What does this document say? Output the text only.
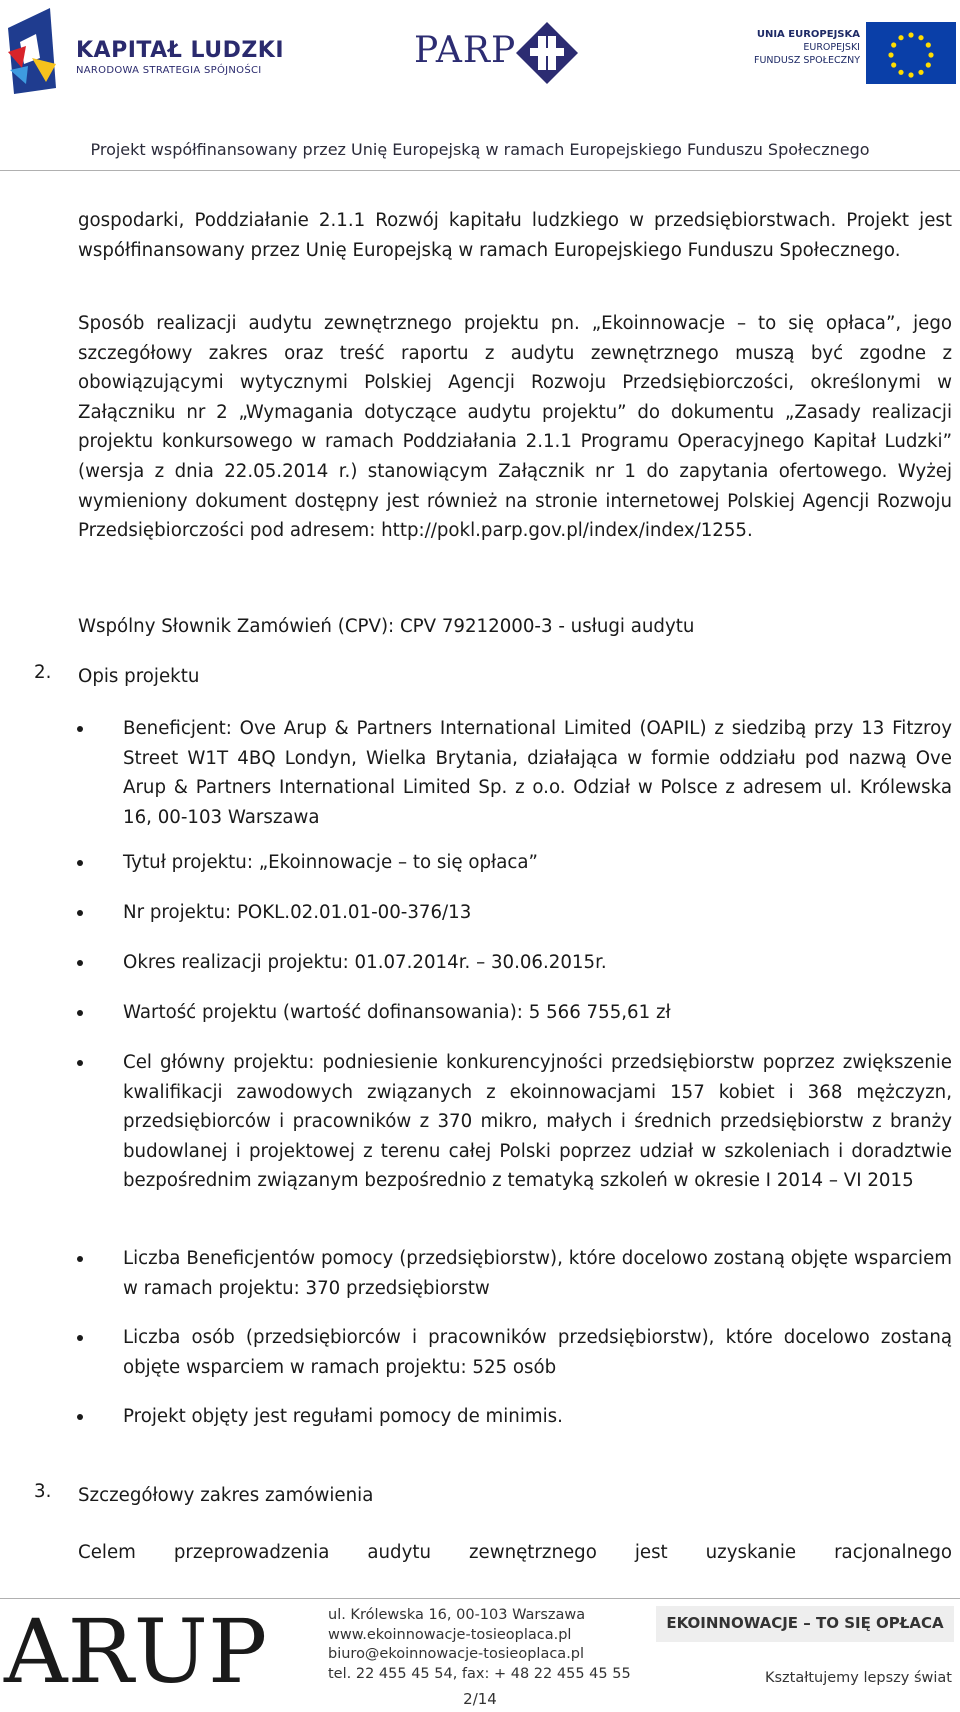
KAPITAŁ LUDZKI
NARODOWA STRATEGIA SPÓJNOŚCI	PARP	UNIA EUROPEJSKA
EUROPEJSKI
FUNDUSZ SPOŁECZNY
Projekt współfinansowany przez Unię Europejską w ramach Europejskiego Funduszu Społecznego

gospodarki, Poddziałanie 2.1.1 Rozwój kapitału ludzkiego w przedsiębiorstwach. Projekt jest współfinansowany przez Unię Europejską w ramach Europejskiego Funduszu Społecznego.

Sposób realizacji audytu zewnętrznego projektu pn. „Ekoinnowacje – to się opłaca”, jego szczegółowy zakres oraz treść raportu z audytu zewnętrznego muszą być zgodne z obowiązującymi wytycznymi Polskiej Agencji Rozwoju Przedsiębiorczości, określonymi w Załączniku nr 2 „Wymagania dotyczące audytu projektu” do dokumentu „Zasady realizacji projektu konkursowego w ramach Poddziałania 2.1.1 Programu Operacyjnego Kapitał Ludzki” (wersja z dnia 22.05.2014 r.) stanowiącym Załącznik nr 1 do zapytania ofertowego. Wyżej wymieniony dokument dostępny jest również na stronie internetowej Polskiej Agencji Rozwoju Przedsiębiorczości pod adresem: http://pokl.parp.gov.pl/index/index/1255.

Wspólny Słownik Zamówień (CPV): CPV 79212000-3 - usługi audytu

2. Opis projektu

Beneficjent: Ove Arup & Partners International Limited (OAPIL) z siedzibą przy 13 Fitzroy Street W1T 4BQ Londyn, Wielka Brytania, działająca w formie oddziału pod nazwą Ove Arup & Partners International Limited Sp. z o.o. Odział w Polsce z adresem ul. Królewska 16, 00-103 Warszawa

Tytuł projektu: „Ekoinnowacje – to się opłaca”

Nr projektu: POKL.02.01.01-00-376/13

Okres realizacji projektu: 01.07.2014r. – 30.06.2015r.

Wartość projektu (wartość dofinansowania): 5 566 755,61 zł

Cel główny projektu: podniesienie konkurencyjności przedsiębiorstw poprzez zwiększenie kwalifikacji zawodowych związanych z ekoinnowacjami 157 kobiet i 368 mężczyzn, przedsiębiorców i pracowników z 370 mikro, małych i średnich przedsiębiorstw z branży budowlanej i projektowej z terenu całej Polski poprzez udział w szkoleniach i doradztwie bezpośrednim związanym bezpośrednio z tematyką szkoleń w okresie I 2014 – VI 2015

Liczba Beneficjentów pomocy (przedsiębiorstw), które docelowo zostaną objęte wsparciem w ramach projektu: 370 przedsiębiorstw

Liczba osób (przedsiębiorców i pracowników przedsiębiorstw), które docelowo zostaną objęte wsparciem w ramach projektu: 525 osób

Projekt objęty jest regułami pomocy de minimis.

3. Szczegółowy zakres zamówienia

Celem przeprowadzenia audytu zewnętrznego jest uzyskanie racjonalnego

ARUP	ul. Królewska 16, 00-103 Warszawa
www.ekoinnowacje-tosieoplaca.pl
biuro@ekoinnowacje-tosieoplaca.pl
tel. 22 455 45 54, fax: + 48 22 455 45 55
EKOINNOWACJE – TO SIĘ OPŁACA
Kształtujemy lepszy świat
2/14
